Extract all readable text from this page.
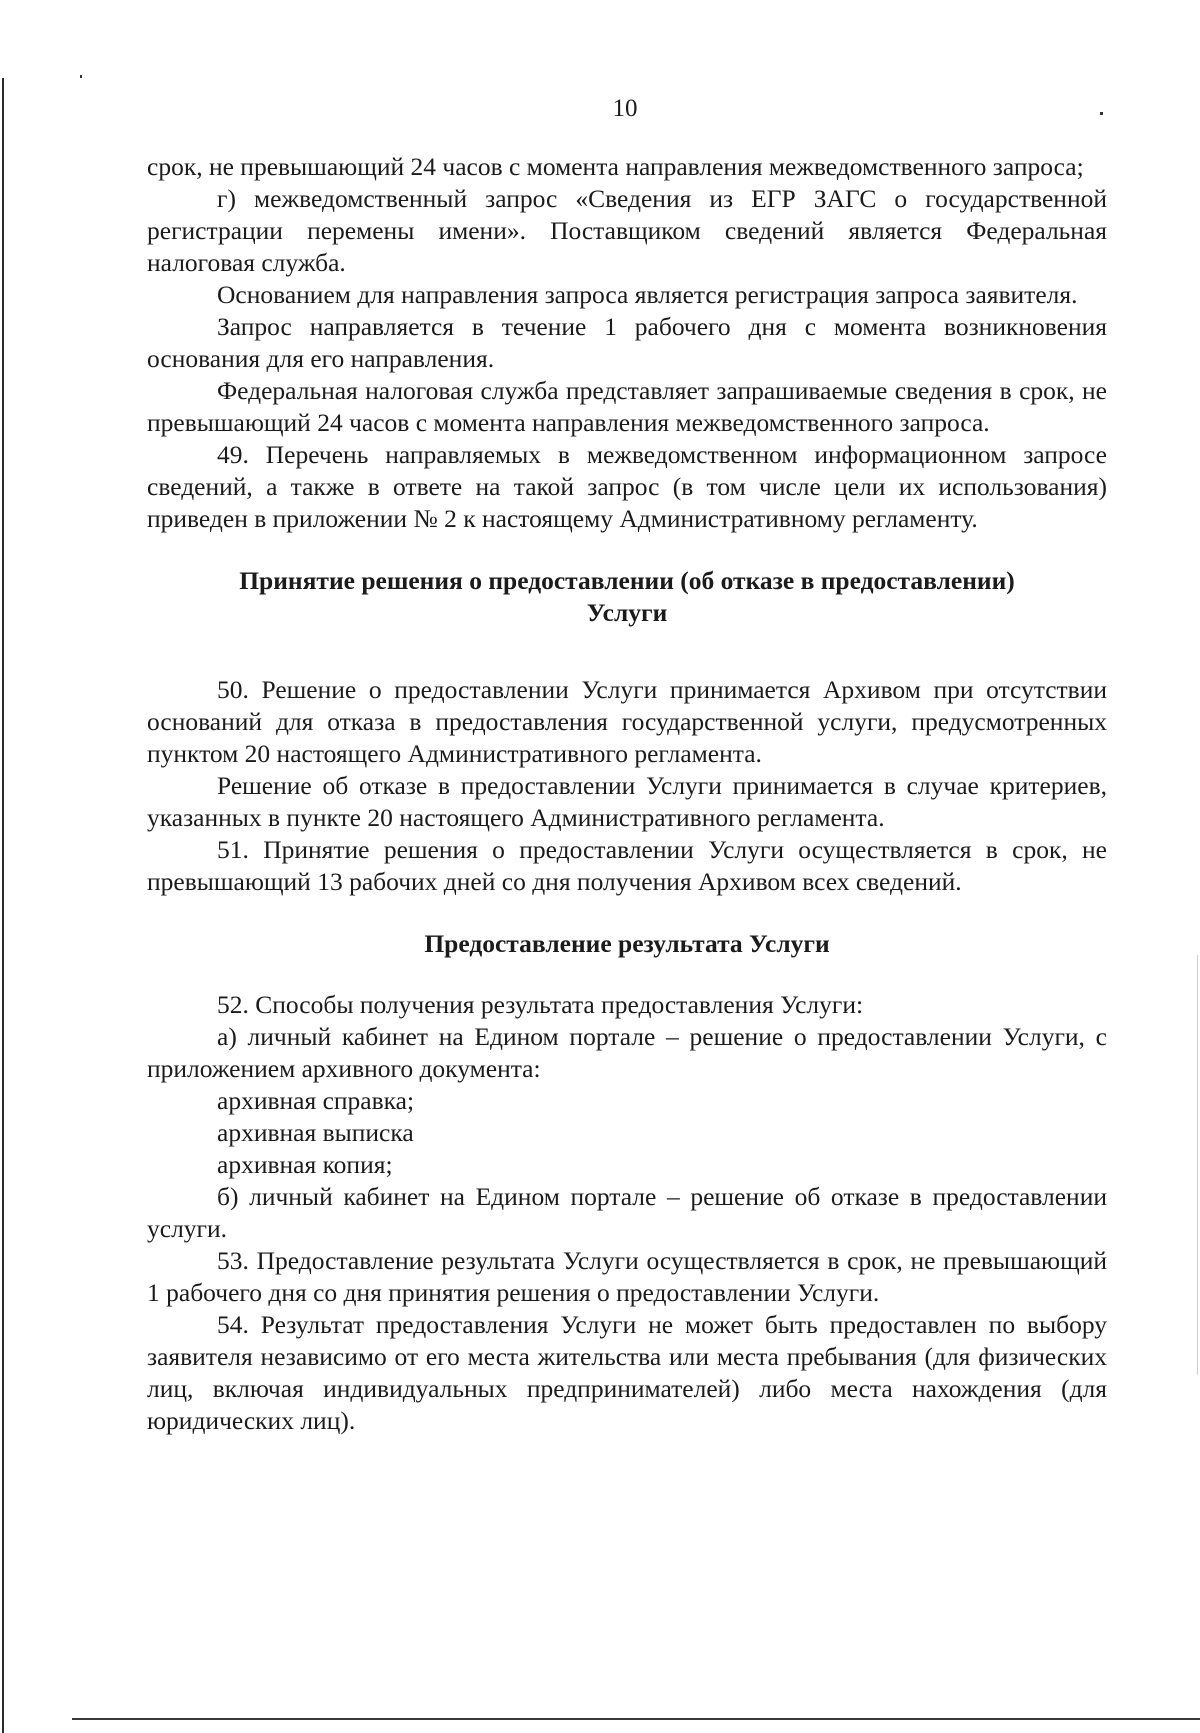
10

срок, не превышающий 24 часов с момента направления межведомственного запроса;

г) межведомственный запрос «Сведения из ЕГР ЗАГС о государственной регистрации перемены имени». Поставщиком сведений является Федеральная налоговая служба.

Основанием для направления запроса является регистрация запроса заявителя.

Запрос направляется в течение 1 рабочего дня с момента возникновения основания для его направления.

Федеральная налоговая служба представляет запрашиваемые сведения в срок, не превышающий 24 часов с момента направления межведомственного запроса.

49. Перечень направляемых в межведомственном информационном запросе сведений, а также в ответе на такой запрос (в том числе цели их использования) приведен в приложении № 2 к настоящему Административному регламенту.

Принятие решения о предоставлении (об отказе в предоставлении)
Услуги

50. Решение о предоставлении Услуги принимается Архивом при отсутствии оснований для отказа в предоставления государственной услуги, предусмотренных пунктом 20 настоящего Административного регламента.

Решение об отказе в предоставлении Услуги принимается в случае критериев, указанных в пункте 20 настоящего Административного регламента.

51. Принятие решения о предоставлении Услуги осуществляется в срок, не превышающий 13 рабочих дней со дня получения Архивом всех сведений.

Предоставление результата Услуги

52. Способы получения результата предоставления Услуги:

а) личный кабинет на Едином портале – решение о предоставлении Услуги, с приложением архивного документа:

архивная справка;

архивная выписка

архивная копия;

б) личный кабинет на Едином портале – решение об отказе в предоставлении услуги.

53. Предоставление результата Услуги осуществляется в срок, не превышающий 1 рабочего дня со дня принятия решения о предоставлении Услуги.

54. Результат предоставления Услуги не может быть предоставлен по выбору заявителя независимо от его места жительства или места пребывания (для физических лиц, включая индивидуальных предпринимателей) либо места нахождения (для юридических лиц).
